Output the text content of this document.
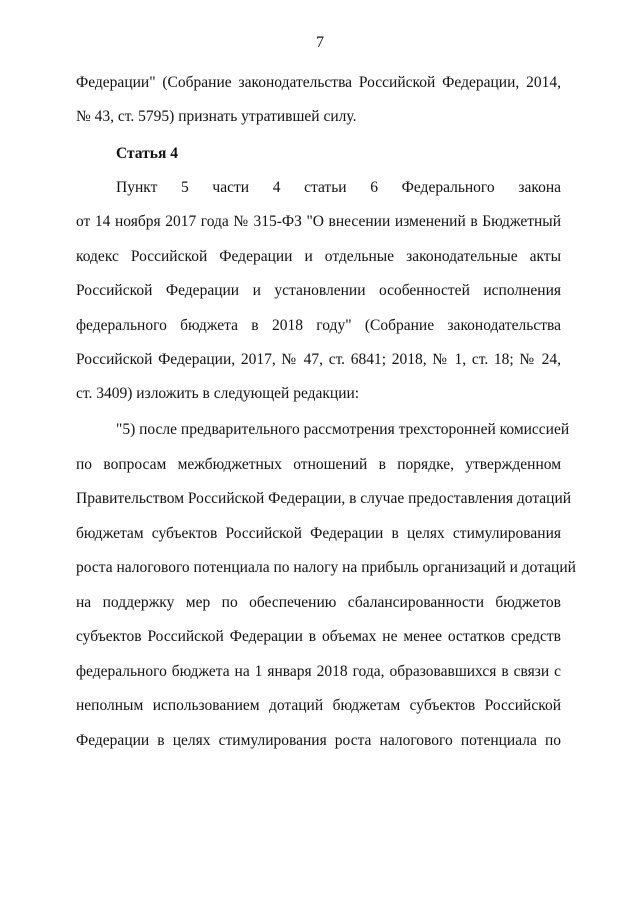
7
Федерации" (Собрание законодательства Российской Федерации, 2014,
№ 43, ст. 5795) признать утратившей силу.
Статья 4
Пункт 5 части 4 статьи 6 Федерального закона
от 14 ноября 2017 года № 315-ФЗ "О внесении изменений в Бюджетный
кодекс Российской Федерации и отдельные законодательные акты
Российской Федерации и установлении особенностей исполнения
федерального бюджета в 2018 году" (Собрание законодательства
Российской Федерации, 2017, № 47, ст. 6841; 2018, № 1, ст. 18; № 24,
ст. 3409) изложить в следующей редакции:
"5) после предварительного рассмотрения трехсторонней комиссией
по вопросам межбюджетных отношений в порядке, утвержденном
Правительством Российской Федерации, в случае предоставления дотаций
бюджетам субъектов Российской Федерации в целях стимулирования
роста налогового потенциала по налогу на прибыль организаций и дотаций
на поддержку мер по обеспечению сбалансированности бюджетов
субъектов Российской Федерации в объемах не менее остатков средств
федерального бюджета на 1 января 2018 года, образовавшихся в связи с
неполным использованием дотаций бюджетам субъектов Российской
Федерации в целях стимулирования роста налогового потенциала по
